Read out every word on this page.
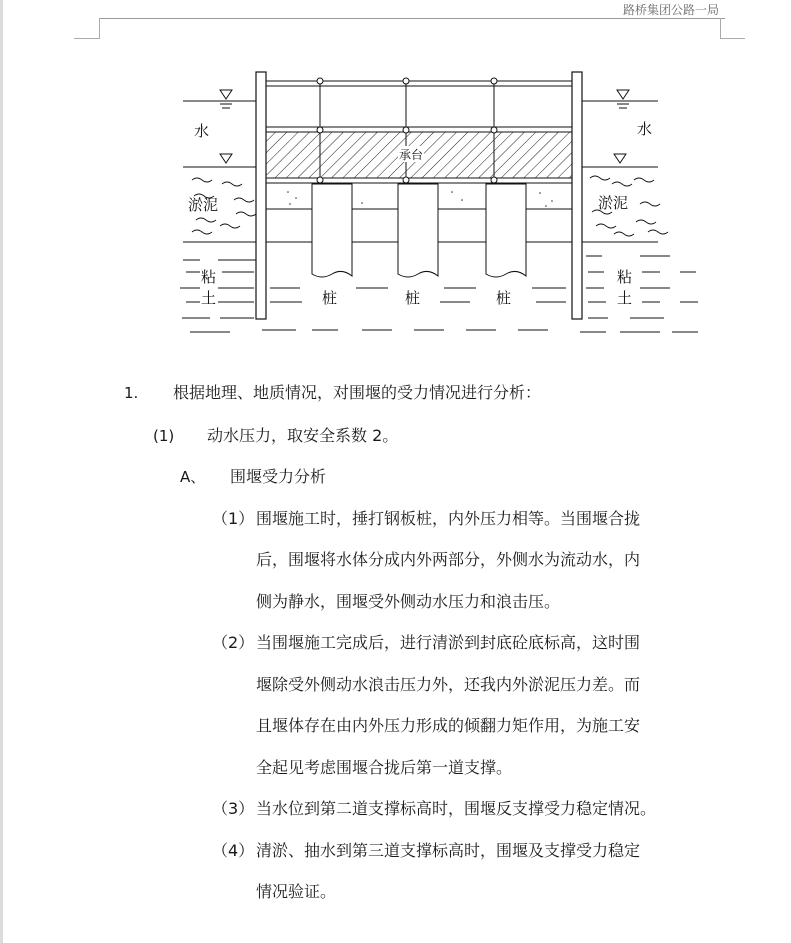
路桥集团公路一局
承台
水	水
淤泥	淤泥
粘
土
粘
土
桩	桩	桩
1. 根据地理、地质情况，对围堰的受力情况进行分析：
(1) 动水压力，取安全系数 2。
A、 围堰受力分析
（1） 围堰施工时，捶打钢板桩，内外压力相等。当围堰合拢
后，围堰将水体分成内外两部分，外侧水为流动水，内
侧为静水，围堰受外侧动水压力和浪击压。
（2） 当围堰施工完成后，进行清淤到封底砼底标高，这时围
堰除受外侧动水浪击压力外，还我内外淤泥压力差。而
且堰体存在由内外压力形成的倾翻力矩作用，为施工安
全起见考虑围堰合拢后第一道支撑。
（3） 当水位到第二道支撑标高时，围堰反支撑受力稳定情况。
（4） 清淤、抽水到第三道支撑标高时，围堰及支撑受力稳定
情况验证。
